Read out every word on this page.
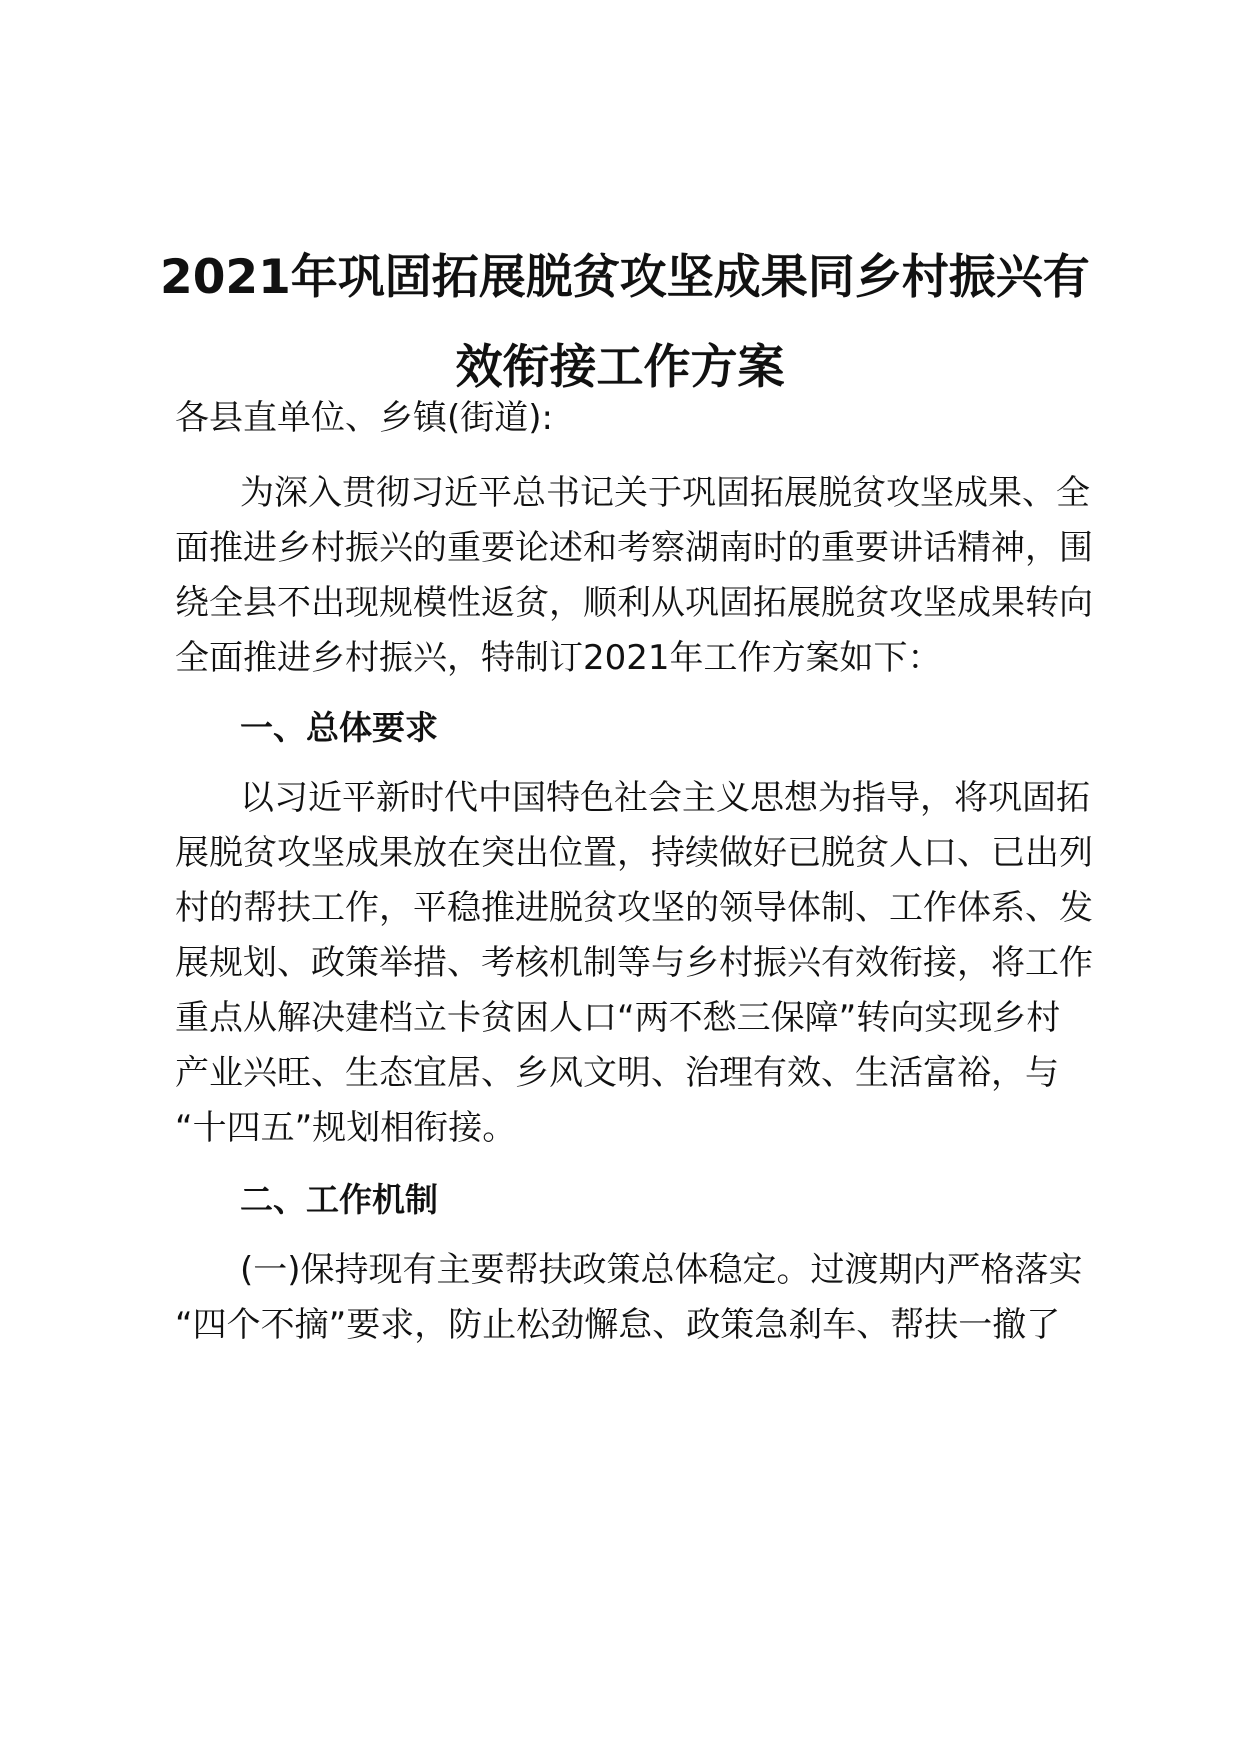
2021年巩固拓展脱贫攻坚成果同乡村振兴有
效衔接工作方案

各县直单位、乡镇(街道):

为深入贯彻习近平总书记关于巩固拓展脱贫攻坚成果、全

面推进乡村振兴的重要论述和考察湖南时的重要讲话精神，围

绕全县不出现规模性返贫，顺利从巩固拓展脱贫攻坚成果转向

全面推进乡村振兴，特制订2021年工作方案如下：

一、总体要求

以习近平新时代中国特色社会主义思想为指导，将巩固拓

展脱贫攻坚成果放在突出位置，持续做好已脱贫人口、已出列

村的帮扶工作，平稳推进脱贫攻坚的领导体制、工作体系、发

展规划、政策举措、考核机制等与乡村振兴有效衔接，将工作

重点从解决建档立卡贫困人口“两不愁三保障”转向实现乡村

产业兴旺、生态宜居、乡风文明、治理有效、生活富裕，与

“十四五”规划相衔接。

二、工作机制

(一)保持现有主要帮扶政策总体稳定。过渡期内严格落实

“四个不摘”要求，防止松劲懈怠、政策急刹车、帮扶一撤了
